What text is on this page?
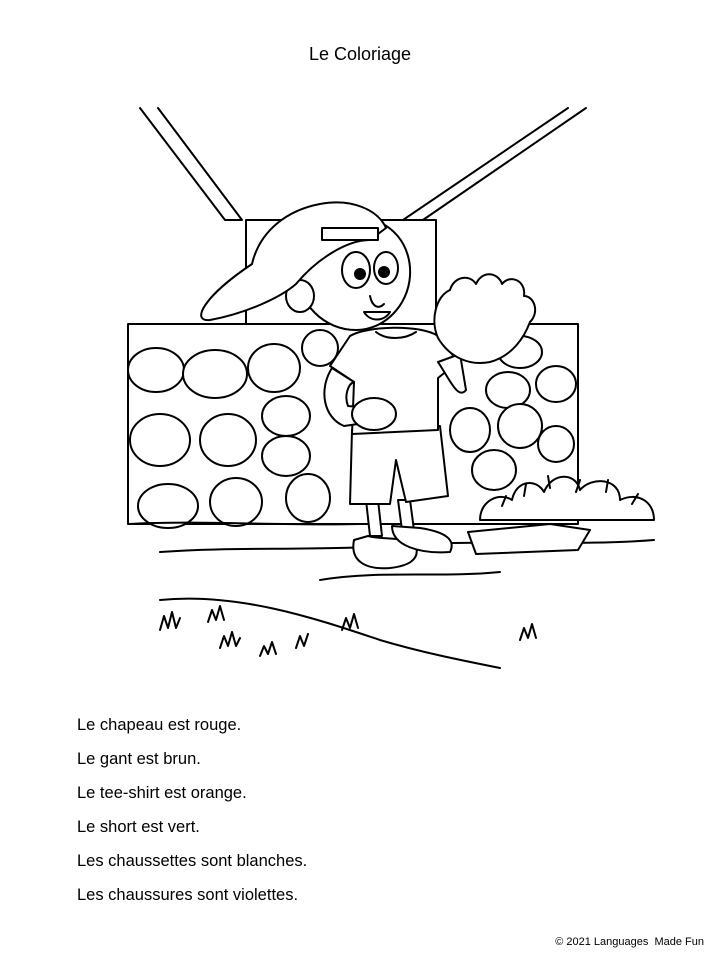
Le Coloriage
Le chapeau est rouge.
Le gant est brun.
Le tee-shirt est orange.
Le short est vert.
Les chaussettes sont blanches.
Les chaussures sont violettes.
© 2021 Languages  Made Fun
